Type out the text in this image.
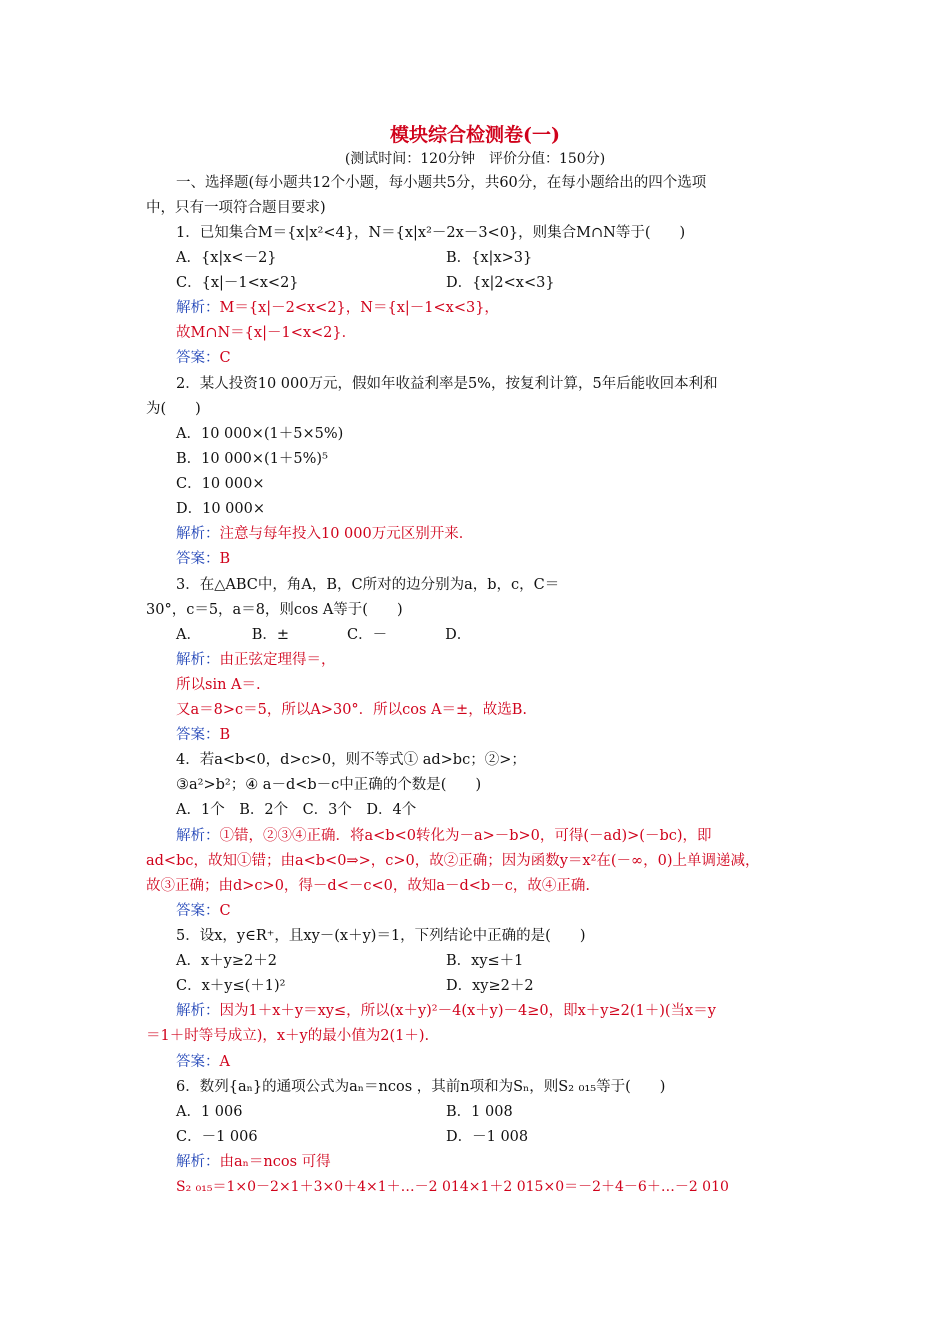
模块综合检测卷(一)
(测试时间：120分钟　评价分值：150分)
一、选择题(每小题共12个小题，每小题共5分，共60分，在每小题给出的四个选项
中，只有一项符合题目要求)
1．已知集合M＝{x|x²<4}，N＝{x|x²－2x－3<0}，则集合M∩N等于(　　)
A．{x|x<－2}	B．{x|x>3}
C．{x|－1<x<2}	D．{x|2<x<3}
解析：M＝{x|－2<x<2}，N＝{x|－1<x<3}，
故M∩N＝{x|－1<x<2}．
答案：C
2．某人投资10 000万元，假如年收益利率是5%，按复利计算，5年后能收回本利和
为(　　)
A．10 000×(1＋5×5%)
B．10 000×(1＋5%)⁵
C．10 000×
D．10 000×
解析：注意与每年投入10 000万元区别开来．
答案：B
3．在△ABC中，角A，B，C所对的边分别为a，b，c，C＝
30°，c＝5，a＝8，则cos A等于(　　)
A．　　　　B．±　　　　C．－　　　　D．
解析：由正弦定理得＝，
所以sin A＝.
又a＝8>c＝5，所以A>30°．所以cos A＝±，故选B.
答案：B
4．若a<b<0，d>c>0，则不等式① ad>bc；②>；
③a²>b²；④ a－d<b－c中正确的个数是(　　)
A．1个　B．2个　C．3个　D．4个
解析：①错，②③④正确．将a<b<0转化为－a>－b>0，可得(－ad)>(－bc)，即
ad<bc，故知①错；由a<b<0⇒>，c>0，故②正确；因为函数y＝x²在(－∞，0)上单调递减，
故③正确；由d>c>0，得－d<－c<0，故知a－d<b－c，故④正确.
答案：C
5．设x，y∈R⁺，且xy－(x＋y)＝1，下列结论中正确的是(　　)
A．x＋y≥2＋2	B．xy≤＋1
C．x＋y≤(＋1)²	D．xy≥2＋2
解析：因为1＋x＋y＝xy≤，所以(x＋y)²－4(x＋y)－4≥0，即x＋y≥2(1＋)(当x＝y
＝1＋时等号成立)，x＋y的最小值为2(1＋).
答案：A
6．数列{aₙ}的通项公式为aₙ＝ncos ，其前n项和为Sₙ，则S₂ ₀₁₅等于(　　)
A．1 006	B．1 008
C．－1 006	D．－1 008
解析：由aₙ＝ncos 可得
S₂ ₀₁₅＝1×0－2×1＋3×0＋4×1＋…－2 014×1＋2 015×0＝－2＋4－6＋…－2 010
